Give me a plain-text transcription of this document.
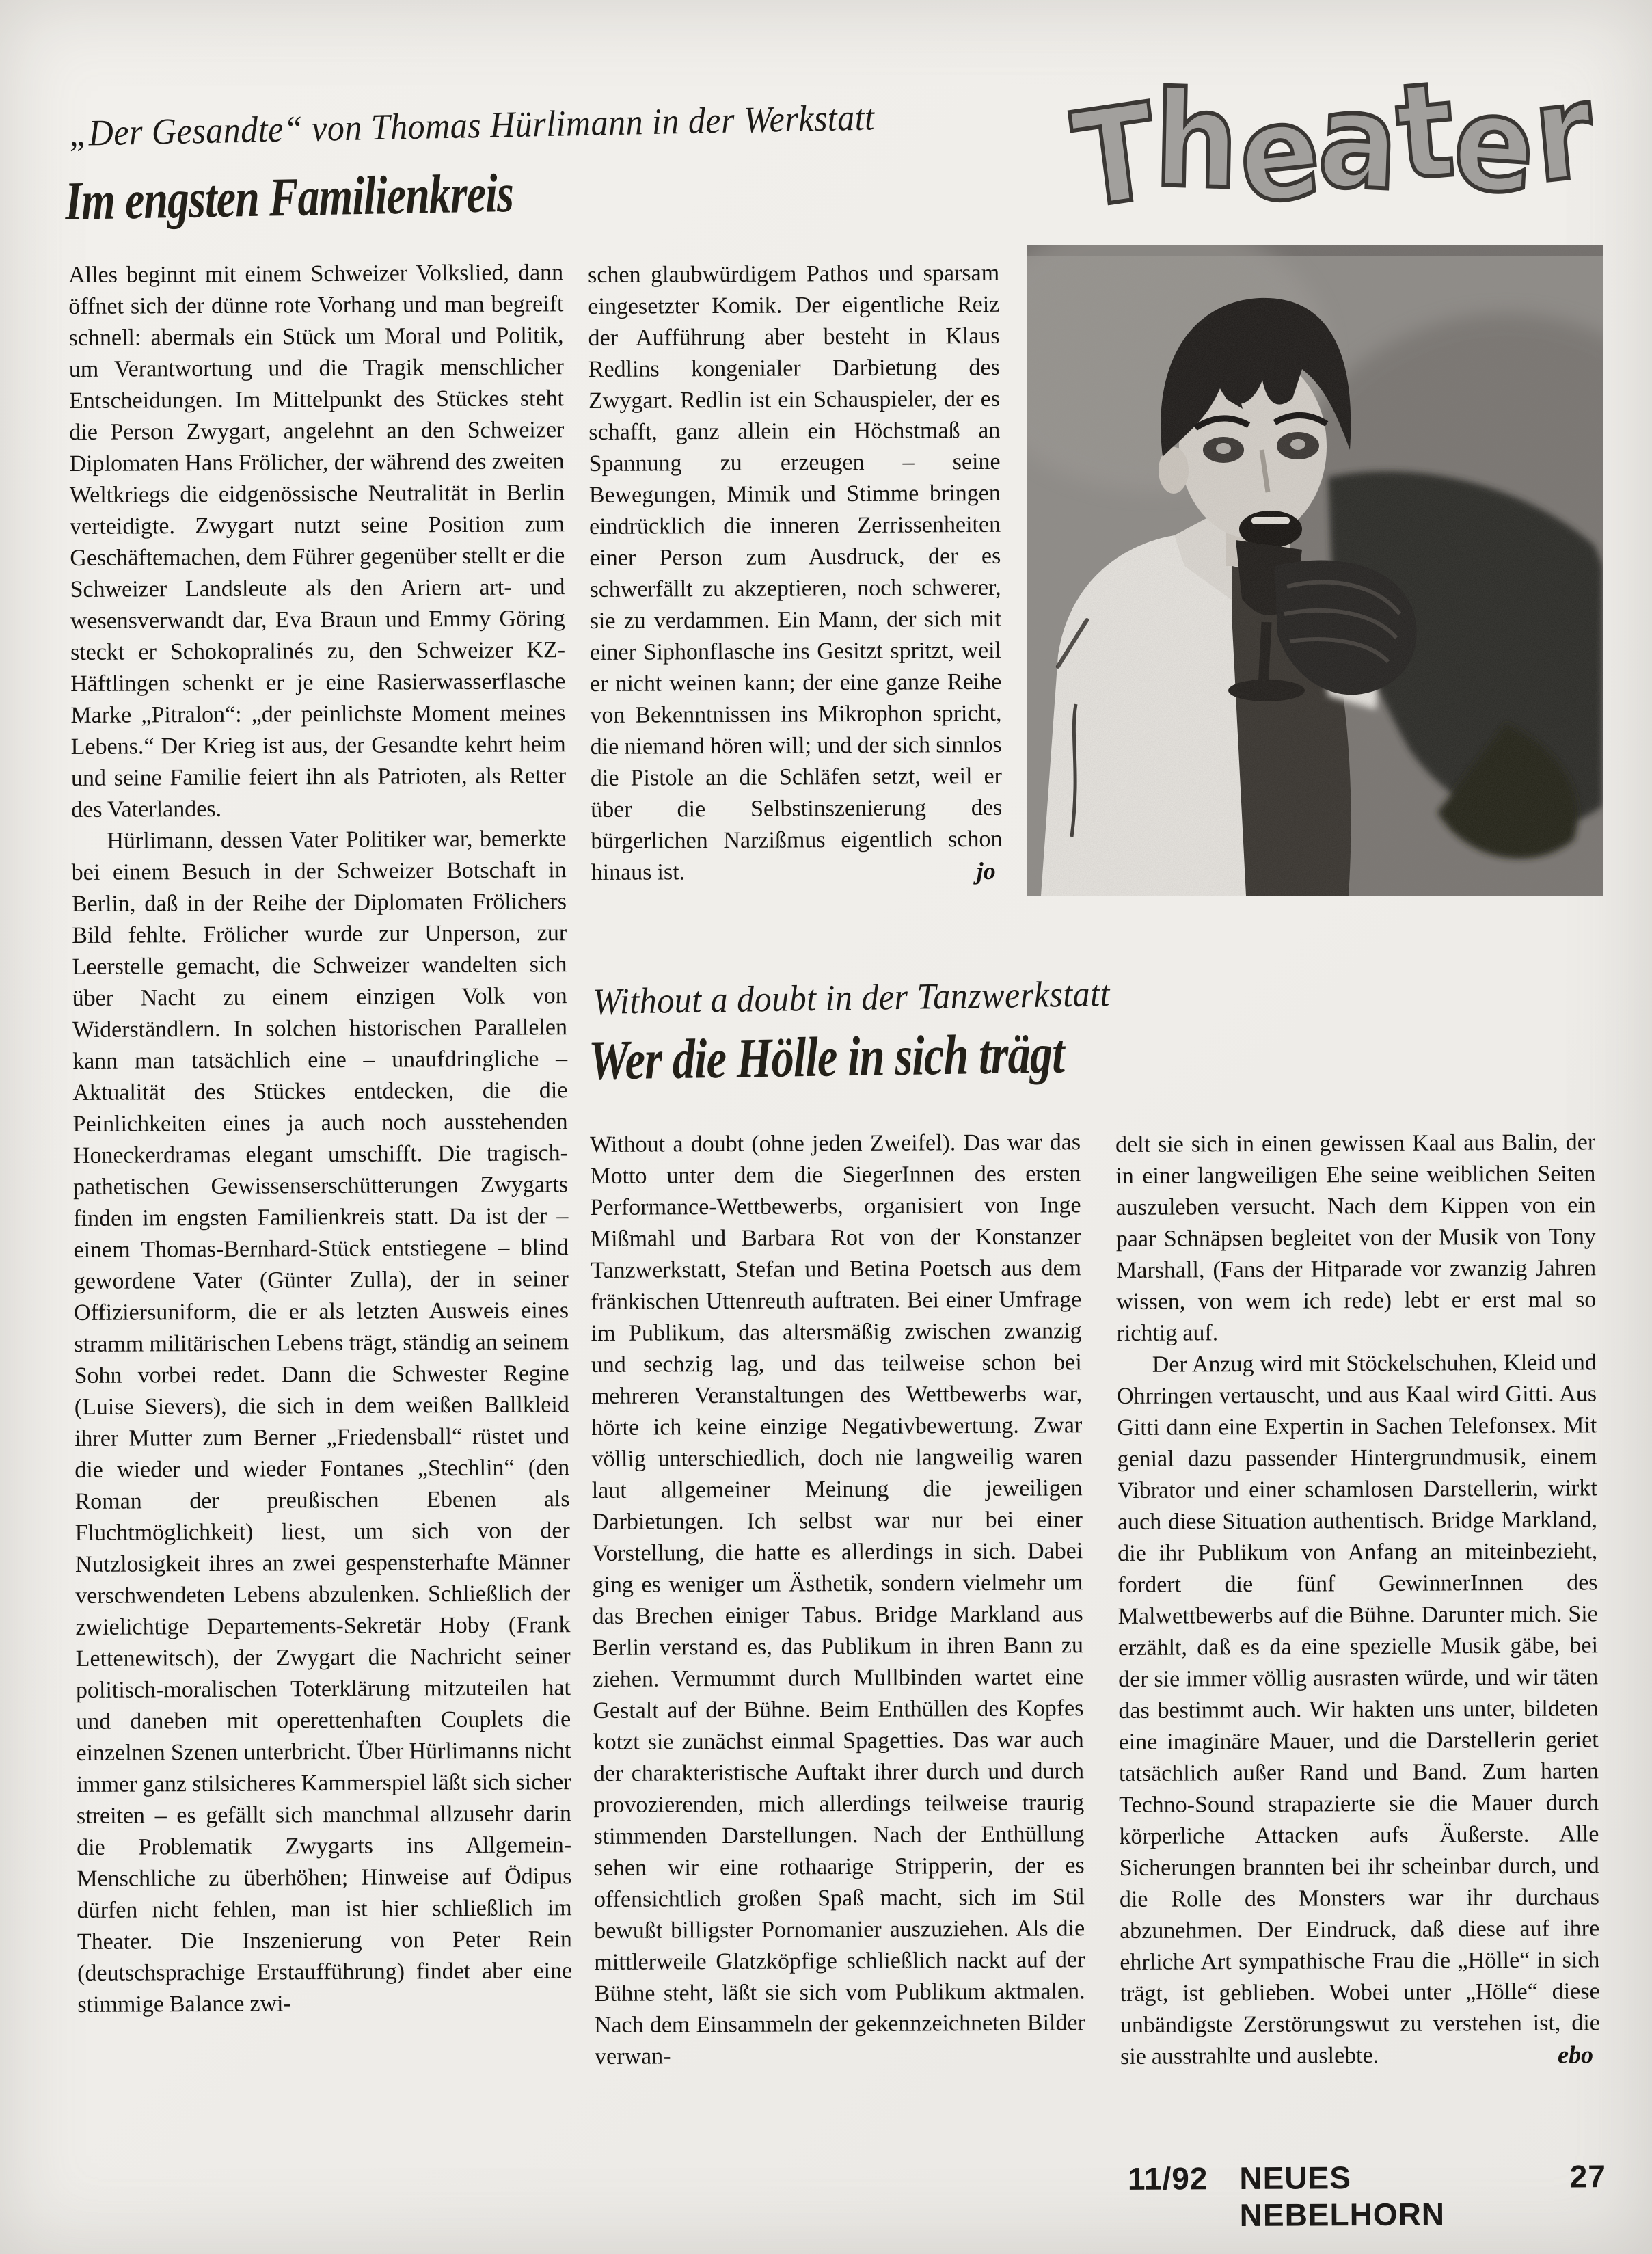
„Der Gesandte“ von Thomas Hürlimann in der Werkstatt
Im engsten Familienkreis	Theater

Alles beginnt mit einem Schweizer Volkslied, dann öffnet sich der dünne rote Vorhang und man begreift schnell: abermals ein Stück um Moral und Politik, um Verantwortung und die Tragik menschlicher Entscheidungen. Im Mittelpunkt des Stückes steht die Person Zwygart, angelehnt an den Schweizer Diplomaten Hans Frölicher, der während des zweiten Weltkriegs die eidgenössische Neutralität in Berlin verteidigte. Zwygart nutzt seine Position zum Geschäftemachen, dem Führer gegenüber stellt er die Schweizer Landsleute als den Ariern art- und wesensverwandt dar, Eva Braun und Emmy Göring steckt er Schokopralinés zu, den Schweizer KZ-Häftlingen schenkt er je eine Rasierwasserflasche Marke „Pitralon“: „der peinlichste Moment meines Lebens.“ Der Krieg ist aus, der Gesandte kehrt heim und seine Familie feiert ihn als Patrioten, als Retter des Vaterlandes.

Hürlimann, dessen Vater Politiker war, bemerkte bei einem Besuch in der Schweizer Botschaft in Berlin, daß in der Reihe der Diplomaten Frölichers Bild fehlte. Frölicher wurde zur Unperson, zur Leerstelle gemacht, die Schweizer wandelten sich über Nacht zu einem einzigen Volk von Widerständlern. In solchen historischen Parallelen kann man tatsächlich eine – unaufdringliche – Aktualität des Stückes entdecken, die die Peinlichkeiten eines ja auch noch ausstehenden Honeckerdramas elegant umschifft. Die tragisch-pathetischen Gewissenserschütterungen Zwygarts finden im engsten Familienkreis statt. Da ist der – einem Thomas-Bernhard-Stück entstiegene – blind gewordene Vater (Günter Zulla), der in seiner Offiziersuniform, die er als letzten Ausweis eines stramm militärischen Lebens trägt, ständig an seinem Sohn vorbei redet. Dann die Schwester Regine (Luise Sievers), die sich in dem weißen Ballkleid ihrer Mutter zum Berner „Friedensball“ rüstet und die wieder und wieder Fontanes „Stechlin“ (den Roman der preußischen Ebenen als Fluchtmöglichkeit) liest, um sich von der Nutzlosigkeit ihres an zwei gespensterhafte Männer verschwendeten Lebens abzulenken. Schließlich der zwielichtige Departements-Sekretär Hoby (Frank Lettenewitsch), der Zwygart die Nachricht seiner politisch-moralischen Toterklärung mitzuteilen hat und daneben mit operettenhaften Couplets die einzelnen Szenen unterbricht. Über Hürlimanns nicht immer ganz stilsicheres Kammerspiel läßt sich sicher streiten – es gefällt sich manchmal allzusehr darin die Problematik Zwygarts ins Allgemein-Menschliche zu überhöhen; Hinweise auf Ödipus dürfen nicht fehlen, man ist hier schließlich im Theater. Die Inszenierung von Peter Rein (deutschsprachige Erstaufführung) findet aber eine stimmige Balance zwi-

schen glaubwürdigem Pathos und sparsam eingesetzter Komik. Der eigentliche Reiz der Aufführung aber besteht in Klaus Redlins kongenialer Darbietung des Zwygart. Redlin ist ein Schauspieler, der es schafft, ganz allein ein Höchstmaß an Spannung zu erzeugen – seine Bewegungen, Mimik und Stimme bringen eindrücklich die inneren Zerrissenheiten einer Person zum Ausdruck, der es schwerfällt zu akzeptieren, noch schwerer, sie zu verdammen. Ein Mann, der sich mit einer Siphonflasche ins Gesitzt spritzt, weil er nicht weinen kann; der eine ganze Reihe von Bekenntnissen ins Mikrophon spricht, die niemand hören will; und der sich sinnlos die Pistole an die Schläfen setzt, weil er über die Selbstinszenierung des bürgerlichen Narzißmus eigentlich schon hinaus ist.	jo
Without a doubt in der Tanzwerkstatt
Wer die Hölle in sich trägt

Without a doubt (ohne jeden Zweifel). Das war das Motto unter dem die SiegerInnen des ersten Performance-Wettbewerbs, organisiert von Inge Mißmahl und Barbara Rot von der Konstanzer Tanzwerkstatt, Stefan und Betina Poetsch aus dem fränkischen Uttenreuth auftraten. Bei einer Umfrage im Publikum, das altersmäßig zwischen zwanzig und sechzig lag, und das teilweise schon bei mehreren Veranstaltungen des Wettbewerbs war, hörte ich keine einzige Negativbewertung. Zwar völlig unterschiedlich, doch nie langweilig waren laut allgemeiner Meinung die jeweiligen Darbietungen. Ich selbst war nur bei einer Vorstellung, die hatte es allerdings in sich. Dabei ging es weniger um Ästhetik, sondern vielmehr um das Brechen einiger Tabus. Bridge Markland aus Berlin verstand es, das Publikum in ihren Bann zu ziehen. Vermummt durch Mullbinden wartet eine Gestalt auf der Bühne. Beim Enthüllen des Kopfes kotzt sie zunächst einmal Spagetties. Das war auch der charakteristische Auftakt ihrer durch und durch provozierenden, mich allerdings teilweise traurig stimmenden Darstellungen. Nach der Enthüllung sehen wir eine rothaarige Stripperin, der es offensichtlich großen Spaß macht, sich im Stil bewußt billigster Pornomanier auszuziehen. Als die mittlerweile Glatzköpfige schließlich nackt auf der Bühne steht, läßt sie sich vom Publikum aktmalen. Nach dem Einsammeln der gekennzeichneten Bilder verwan-

delt sie sich in einen gewissen Kaal aus Balin, der in einer langweiligen Ehe seine weiblichen Seiten auszuleben versucht. Nach dem Kippen von ein paar Schnäpsen begleitet von der Musik von Tony Marshall, (Fans der Hitparade vor zwanzig Jahren wissen, von wem ich rede) lebt er erst mal so richtig auf.

Der Anzug wird mit Stöckelschuhen, Kleid und Ohrringen vertauscht, und aus Kaal wird Gitti. Aus Gitti dann eine Expertin in Sachen Telefonsex. Mit genial dazu passender Hintergrundmusik, einem Vibrator und einer schamlosen Darstellerin, wirkt auch diese Situation authentisch. Bridge Markland, die ihr Publikum von Anfang an miteinbezieht, fordert die fünf GewinnerInnen des Malwettbewerbs auf die Bühne. Darunter mich. Sie erzählt, daß es da eine spezielle Musik gäbe, bei der sie immer völlig ausrasten würde, und wir täten das bestimmt auch. Wir hakten uns unter, bildeten eine imaginäre Mauer, und die Darstellerin geriet tatsächlich außer Rand und Band. Zum harten Techno-Sound strapazierte sie die Mauer durch körperliche Attacken aufs Äußerste. Alle Sicherungen brannten bei ihr scheinbar durch, und die Rolle des Monsters war ihr durchaus abzunehmen. Der Eindruck, daß diese auf ihre ehrliche Art sympathische Frau die „Hölle“ in sich trägt, ist geblieben. Wobei unter „Hölle“ diese unbändigste Zerstörungswut zu verstehen ist, die sie ausstrahlte und auslebte.	ebo
11/92 NEUES NEBELHORN
27
